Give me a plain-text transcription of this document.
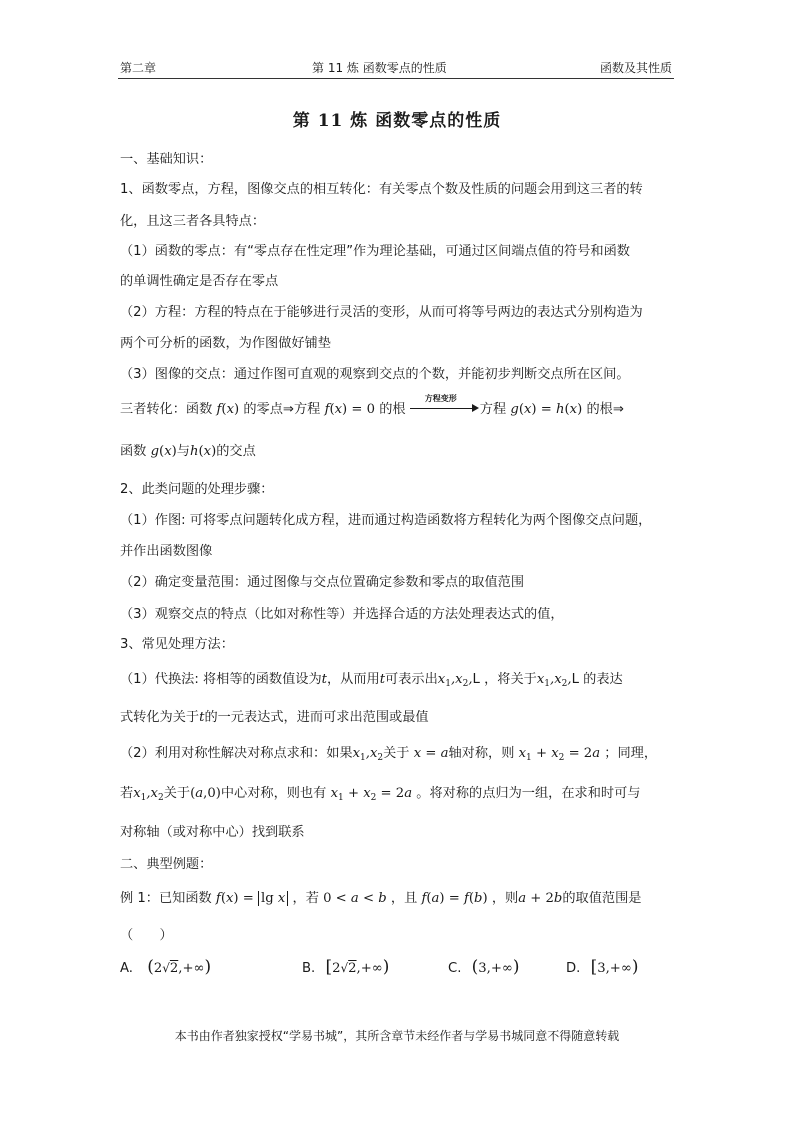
第二章	第 11 炼 函数零点的性质	函数及其性质
第 11 炼 函数零点的性质
一、基础知识：
1、函数零点，方程，图像交点的相互转化：有关零点个数及性质的问题会用到这三者的转
化，且这三者各具特点：
（1）函数的零点：有“零点存在性定理”作为理论基础，可通过区间端点值的符号和函数
的单调性确定是否存在零点
（2）方程：方程的特点在于能够进行灵活的变形，从而可将等号两边的表达式分别构造为
两个可分析的函数，为作图做好铺垫
（3）图像的交点：通过作图可直观的观察到交点的个数，并能初步判断交点所在区间。
三者转化：函数 f(x) 的零点⇒方程 f(x) = 0 的根
方程变形
方程 g(x) = h(x) 的根⇒
函数 g(x)与h(x)的交点
2、此类问题的处理步骤：
（1）作图: 可将零点问题转化成方程，进而通过构造函数将方程转化为两个图像交点问题，
并作出函数图像
（2）确定变量范围：通过图像与交点位置确定参数和零点的取值范围
（3）观察交点的特点（比如对称性等）并选择合适的方法处理表达式的值，
3、常见处理方法：
（1）代换法: 将相等的函数值设为t，从而用t可表示出$x_1,x_2,L$ ，将关于$x_1,x_2,L$ 的表达
式转化为关于t的一元表达式，进而可求出范围或最值
（2）利用对称性解决对称点求和：如果$x_1,x_2$关于 x = a轴对称，则 $x_1 + x_2 = 2a$ ；同理，
若$x_1,x_2$关于(a,0)中心对称，则也有 $x_1 + x_2 = 2a$ 。将对称的点归为一组，在求和时可与
对称轴（或对称中心）找到联系
二、典型例题：
例 1：已知函数 f(x) = lg x ，若 0 < a < b ，且 f(a) = f(b) ，则a + 2b的取值范围是
（　　）
A. (2√2,+∞)	B. [2√2,+∞)	C. (3,+∞)	D. [3,+∞)
本书由作者独家授权“学易书城”，其所含章节未经作者与学易书城同意不得随意转载
